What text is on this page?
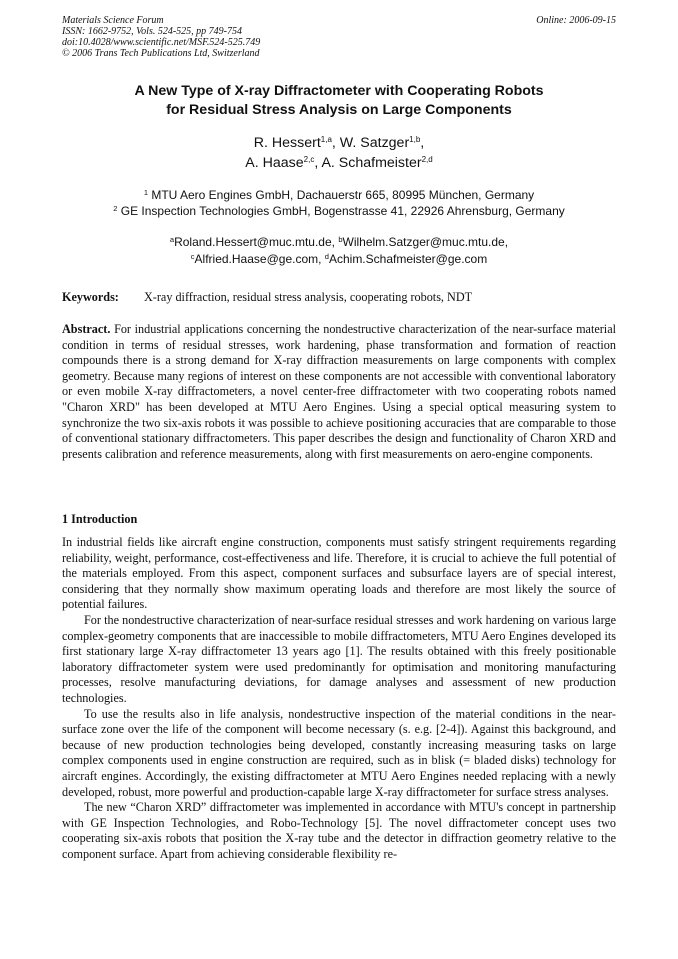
Materials Science Forum
ISSN: 1662-9752, Vols. 524-525, pp 749-754
doi:10.4028/www.scientific.net/MSF.524-525.749
© 2006 Trans Tech Publications Ltd, Switzerland
Online: 2006-09-15
A New Type of X-ray Diffractometer with Cooperating Robots
for Residual Stress Analysis on Large Components
R. Hessert$^{1,a}$, W. Satzger$^{1,b}$,
A. Haase$^{2,c}$, A. Schafmeister$^{2,d}$
$^1$ MTU Aero Engines GmbH, Dachauerstr 665, 80995 München, Germany
$^2$ GE Inspection Technologies GmbH, Bogenstrasse 41, 22926 Ahrensburg, Germany
$^a$Roland.Hessert@muc.mtu.de, $^b$Wilhelm.Satzger@muc.mtu.de,
$^c$Alfried.Haase@ge.com, $^d$Achim.Schafmeister@ge.com
Keywords: X-ray diffraction, residual stress analysis, cooperating robots, NDT
Abstract. For industrial applications concerning the nondestructive characterization of the near-surface material condition in terms of residual stresses, work hardening, phase transformation and formation of reaction compounds there is a strong demand for X-ray diffraction measurements on large components with complex geometry. Because many regions of interest on these components are not accessible with conventional laboratory or even mobile X-ray diffractometers, a novel center-free diffractometer with two cooperating robots named "Charon XRD" has been developed at MTU Aero Engines. Using a special optical measuring system to synchronize the two six-axis robots it was possible to achieve positioning accuracies that are comparable to those of conventional stationary diffractometers. This paper describes the design and functionality of Charon XRD and presents calibration and reference measurements, along with first measurements on aero-engine components.
1 Introduction

In industrial fields like aircraft engine construction, components must satisfy stringent requirements regarding reliability, weight, performance, cost-effectiveness and life. Therefore, it is crucial to achieve the full potential of the materials employed. From this aspect, component surfaces and subsurface layers are of special interest, considering that they normally show maximum operating loads and therefore are most likely the source of potential failures.

For the nondestructive characterization of near-surface residual stresses and work hardening on various large complex-geometry components that are inaccessible to mobile diffractometers, MTU Aero Engines developed its first stationary large X-ray diffractometer 13 years ago [1]. The results obtained with this freely positionable laboratory diffractometer system were used predominantly for optimisation and monitoring manufacturing processes, resolve manufacturing deviations, for damage analyses and assessment of new production technologies.

To use the results also in life analysis, nondestructive inspection of the material conditions in the near-surface zone over the life of the component will become necessary (s. e.g. [2-4]). Against this background, and because of new production technologies being developed, constantly increasing measuring tasks on large complex components used in engine construction are required, such as in blisk (= bladed disks) technology for aircraft engines. Accordingly, the existing diffractometer at MTU Aero Engines needed replacing with a newly developed, robust, more powerful and production-capable large X-ray diffractometer for surface stress analyses.

The new “Charon XRD” diffractometer was implemented in accordance with MTU's concept in partnership with GE Inspection Technologies, and Robo-Technology [5]. The novel diffractometer concept uses two cooperating six-axis robots that position the X-ray tube and the detector in diffraction geometry relative to the component surface. Apart from achieving considerable flexibility re-
